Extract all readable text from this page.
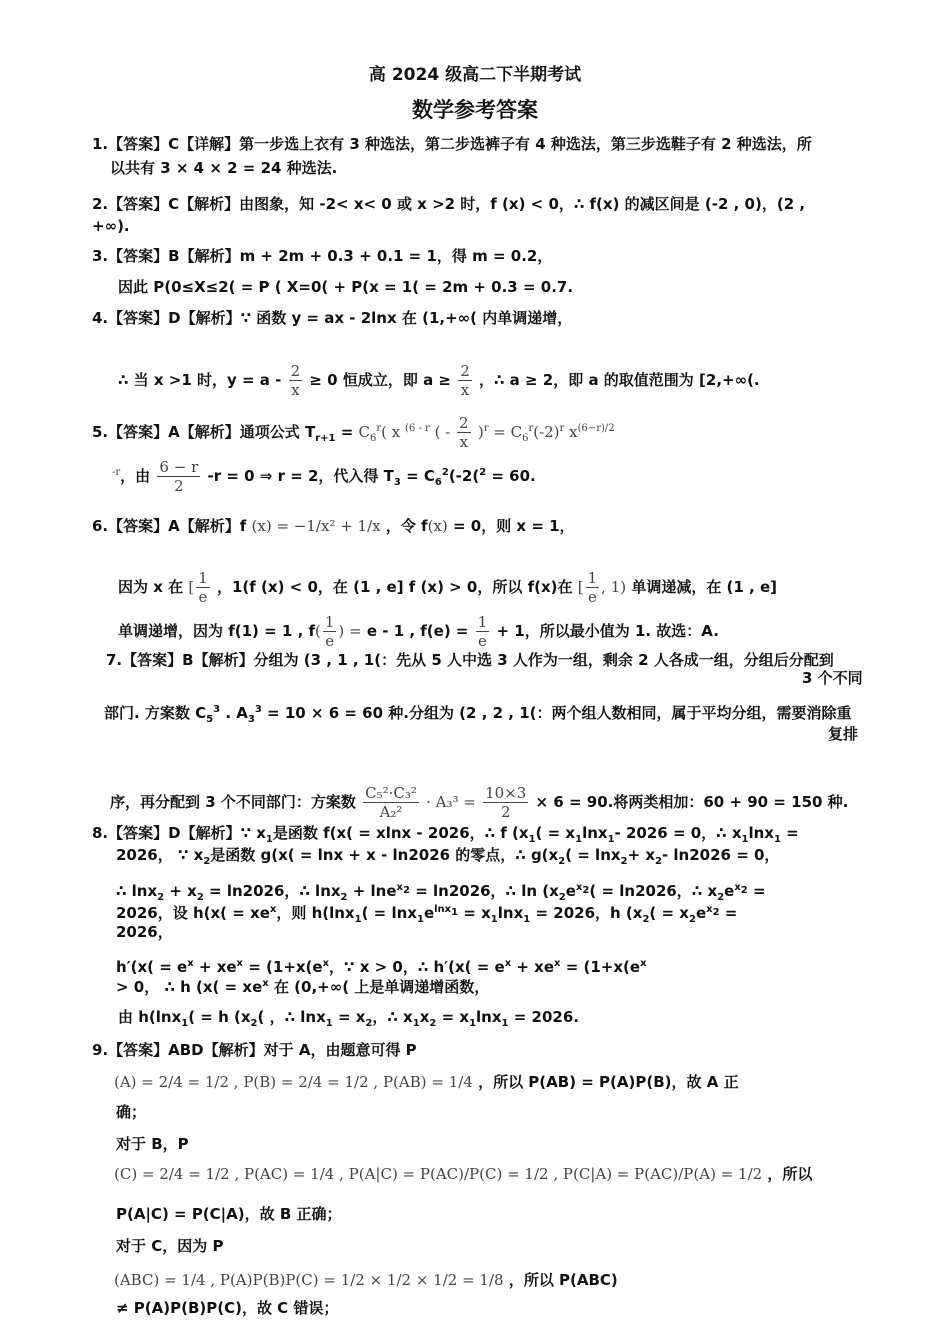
高 2024 级高二下半期考试
数学参考答案
1.【答案】C【详解】第一步选上衣有 3 种选法，第二步选裤子有 4 种选法，第三步选鞋子有 2 种选法，所
以共有 3 × 4 × 2 = 24 种选法.
2.【答案】C【解析】由图象，知 -2< x< 0 或 x >2 时，f (x) < 0，∴ f(x) 的减区间是 (-2 , 0)，(2 ,
+∞).
3.【答案】B【解析】m + 2m + 0.3 + 0.1 = 1，得 m = 0.2，
因此 P(0≤X≤2( = P ( X=0( + P(x = 1( = 2m + 0.3 = 0.7.
4.【答案】D【解析】∵ 函数 y = ax - 2lnx 在 (1,+∞( 内单调递增，
∴ 当 x >1 时，$y = a - \frac{2}{x} \ge 0$ 恒成立，即 $a \ge \frac{2}{x}$ ，∴ a ≥ 2，即 a 的取值范围为 [2,+∞(.
5.【答案】A【解析】通项公式 $T_{r+1} = C_6^r$( x $^{(6 - r}$ ( - $\frac{2}{x} )^r = C_6^r(-2)^r$ $x^{(6-r)/2}$
$^{-r}$，由 $\frac{6 - r}{2} -r = 0$ ⇒ r = 2，代入得 $T_3 = C_6^2(-2(^2 = 60$.
6.【答案】A【解析】f (x) = −1/x² + 1/x ，令 f(x) = 0，则 x = 1，
因为 x 在 [ $\frac{1}{e}$ ，1(f (x) < 0，在 (1 , e] f (x) > 0，所以 f(x)在 [ $\frac{1}{e}$ , 1) 单调递减，在 (1 , e]
单调递增，因为 f(1) = 1 , $f( \frac{1}{e}$ ) = e - 1 , $f(e) = \frac{1}{e} + 1$，所以最小值为 1. 故选：A.
7.【答案】B【解析】分组为 (3 , 1 , 1(：先从 5 人中选 3 人作为一组，剩余 2 人各成一组，分组后分配到
3 个不同
部门. 方案数 $C_5^3$ . $A_3^3 = 10 \times 6 = 60$ 种.分组为 (2 , 2 , 1(：两个组人数相同，属于平均分组，需要消除重
复排
序，再分配到 3 个不同部门：方案数 $\frac{\text{C₅²·C₃²}}{\text{A₂²}} \cdot A_3^3 = \frac{10\times 3}{2} \times 6 = 90$.将两类相加：60 + 90 = 150 种.
8.【答案】D【解析】∵ $x_1$是函数 f(x( = xlnx - 2026，∴ f ($x_1( = x_1\ln x_1-$ 2026 = 0，∴ $x_1\ln x_1$ =
2026， ∵ $x_2$是函数 g(x( = lnx + x - ln2026 的零点，∴ $g(x_2( = \ln x_2+ x_2-$ ln2026 = 0，
∴ $\ln x_2 + x_2 = \ln 2026$，∴ lnx$_2$ + lne$^{x_2}$ = ln2026，∴ $\ln (x_2e^{x_2}( = \ln 2026$，∴ $x_2e^{x_2}$ =
2026，设 $h(x( = xe^x$，则 $h(\ln x_1( = \ln x_1e^{lnx_1} = x_1\ln x_1 = 2026$，h ($x_2( = x_2e^{x_2}$ =
2026，
$h'(x( = e^x + xe^x = (1+x(e^x$，∵ x > 0，∴ $h'(x( = e^x + xe^x = (1+x(e^x$
> 0， ∴ h ($x( = xe^x$ 在 (0,+∞( 上是单调递增函数，
由 h(lnx$_1$( = h ($x_2$( ，∴ $\ln x_1 = x_2$，∴ $x_1x_2 = x_1\ln x_1 = 2026$.
9.【答案】ABD【解析】对于 A，由题意可得 P
(A) = 2/4 = 1/2 , P(B) = 2/4 = 1/2 , P(AB) = 1/4 ，所以 P(AB) = P(A)P(B)，故 A 正
确；
对于 B，P
(C) = 2/4 = 1/2 , P(AC) = 1/4 , P(A|C) = P(AC)/P(C) = 1/2 , P(C|A) = P(AC)/P(A) = 1/2 ，所以
P(A|C) = P(C|A)，故 B 正确；
对于 C，因为 P
(ABC) = 1/4 , P(A)P(B)P(C) = 1/2 × 1/2 × 1/2 = 1/8 ，所以 P(ABC)
≠ P(A)P(B)P(C)，故 C 错误；
